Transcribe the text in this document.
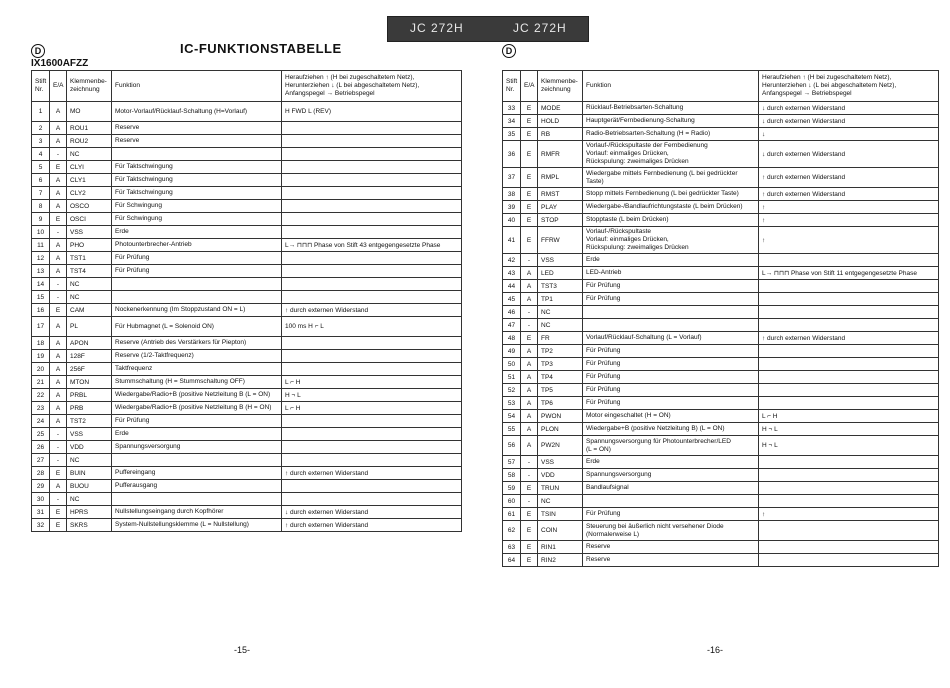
JC 272H	JC 272H
D	D
IC-FUNKTIONSTABELLE
IX1600AFZZ
Stift Nr.	E/A	Klemmenbe-zeichnung	Funktion	Heraufziehen ↑ (H bei zugeschaltetem Netz), Herunterziehen ↓ (L bei abgeschaltetem Netz), Anfangspegel → Betriebspegel
1	A	MO	Motor-Vorlauf/Rücklauf-Schaltung (H=Vorlauf)	H FWD L (REV)
2	A	ROU1	Reserve	
3	A	ROU2	Reserve	
4	-	NC		
5	E	CLYI	Für Taktschwingung	
6	A	CLY1	Für Taktschwingung	
7	A	CLY2	Für Taktschwingung	
8	A	OSCO	Für Schwingung	
9	E	OSCI	Für Schwingung	
10	-	VSS	Erde	
11	A	PHO	Photounterbrecher-Antrieb	L→ ⊓⊓⊓ Phase von Stift 43 entgegengesetzte Phase
12	A	TST1	Für Prüfung	
13	A	TST4	Für Prüfung	
14	-	NC		
15	-	NC		
16	E	CAM	Nockenerkennung (Im Stoppzustand ON = L)	↑ durch externen Widerstand
17	A	PL	Für Hubmagnet (L = Solenoid ON)	100 ms H ⌐ L
18	A	APON	Reserve (Antrieb des Verstärkers für Piepton)	
19	A	128F	Reserve (1/2-Taktfrequenz)	
20	A	256F	Taktfrequenz	
21	A	MTON	Stummschaltung (H = Stummschaltung OFF)	L ⌐ H
22	A	PRBL	Wiedergabe/Radio+B (positive Netzleitung B (L = ON)	H ¬ L
23	A	PRB	Wiedergabe/Radio+B (positive Netzleitung B (H = ON)	L ⌐ H
24	A	TST2	Für Prüfung	
25	-	VSS	Erde	
26	-	VDD	Spannungsversorgung	
27	-	NC		
28	E	BUIN	Puffereingang	↑ durch externen Widerstand
29	A	BUOU	Pufferausgang	
30	-	NC		
31	E	HPRS	Nullstellungseingang durch Kopfhörer	↓ durch externen Widerstand
32	E	SKRS	System-Nullstellungsklemme (L = Nullstellung)	↑ durch externen Widerstand
Stift Nr.	E/A	Klemmenbe-zeichnung	Funktion	Heraufziehen ↑ (H bei zugeschaltetem Netz), Herunterziehen ↓ (L bei abgeschaltetem Netz), Anfangspegel → Betriebspegel
33	E	MODE	Rücklauf-Betriebsarten-Schaltung	↓ durch externen Widerstand
34	E	HOLD	Hauptgerät/Fernbedienung-Schaltung	↓ durch externen Widerstand
35	E	RB	Radio-Betriebsarten-Schaltung (H = Radio)	↓
36	E	RMFR	Vorlauf-/Rückspultaste der Fernbedienung
Vorlauf: einmaliges Drücken,
Rückspulung: zweimaliges Drücken	↓ durch externen Widerstand
37	E	RMPL	Wiedergabe mittels Fernbedienung (L bei gedrückter Taste)	↑ durch externen Widerstand
38	E	RMST	Stopp mittels Fernbedienung (L bei gedrückter Taste)	↑ durch externen Widerstand
39	E	PLAY	Wiedergabe-/Bandlaufrichtungstaste (L beim Drücken)	↑
40	E	STOP	Stopptaste (L beim Drücken)	↑
41	E	FFRW	Vorlauf-/Rückspultaste
Vorlauf: einmaliges Drücken,
Rückspulung: zweimaliges Drücken	↑
42	-	VSS	Erde	
43	A	LED	LED-Antrieb	L→ ⊓⊓⊓ Phase von Stift 11 entgegengesetzte Phase
44	A	TST3	Für Prüfung	
45	A	TP1	Für Prüfung	
46	-	NC		
47	-	NC		
48	E	FR	Vorlauf/Rücklauf-Schaltung (L = Vorlauf)	↑ durch externen Widerstand
49	A	TP2	Für Prüfung	
50	A	TP3	Für Prüfung	
51	A	TP4	Für Prüfung	
52	A	TP5	Für Prüfung	
53	A	TP6	Für Prüfung	
54	A	PWON	Motor eingeschaltet (H = ON)	L ⌐ H
55	A	PLON	Wiedergabe+B (positive Netzleitung B) (L = ON)	H ¬ L
56	A	PW2N	Spannungsversorgung für Photounterbrecher/LED
(L = ON)	H ¬ L
57	-	VSS	Erde	
58	-	VDD	Spannungsversorgung	
59	E	TRUN	Bandlaufsignal	
60	-	NC		
61	E	TSIN	Für Prüfung	↑
62	E	COIN	Steuerung bei äußerlich nicht versehener Diode
(Normalerweise L)	
63	E	RIN1	Reserve	
64	E	RIN2	Reserve	
-15-	-16-
